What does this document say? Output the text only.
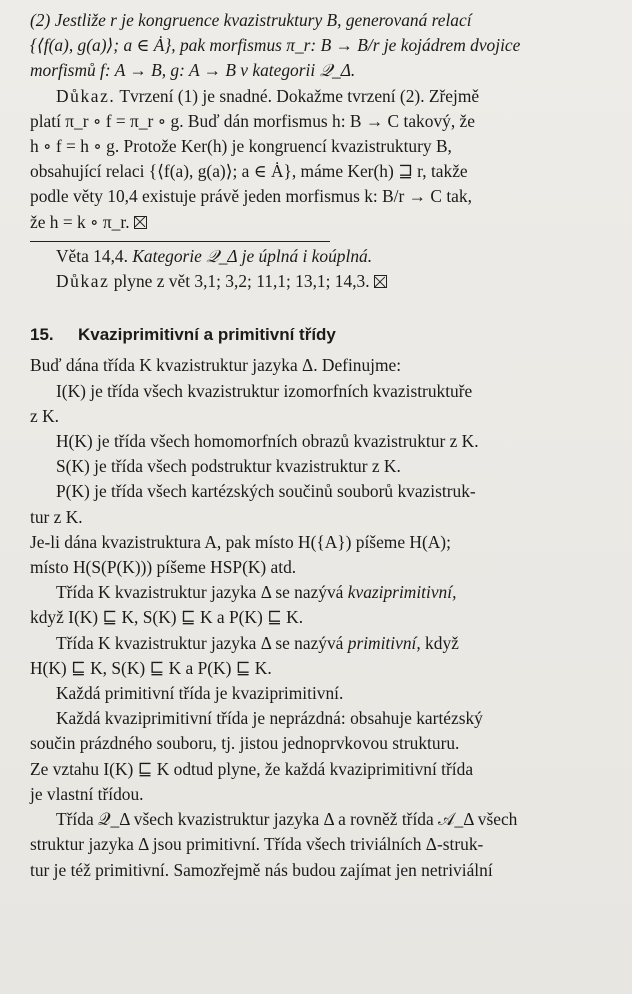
(2) Jestliže r je kongruence kvazistruktury B, generovaná relací

{⟨f(a), g(a)⟩; a ∈ Ȧ}, pak morfismus π_r: B → B/r je kojádrem dvojice

morfismů f: A → B, g: A → B v kategorii 𝒬_Δ.

Důkaz. Tvrzení (1) je snadné. Dokažme tvrzení (2). Zřejmě

platí π_r ∘ f = π_r ∘ g. Buď dán morfismus h: B → C takový, že

h ∘ f = h ∘ g. Protože Ker(h) je kongruencí kvazistruktury B,

obsahující relaci {⟨f(a), g(a)⟩; a ∈ Ȧ}, máme Ker(h) ⊒ r, takže

podle věty 10,4 existuje právě jeden morfismus k: B/r → C tak,

že h = k ∘ π_r.

Věta 14,4. Kategorie 𝒬_Δ je úplná i koúplná.

Důkaz plyne z vět 3,1; 3,2; 11,1; 13,1; 14,3.

15. Kvaziprimitivní a primitivní třídy

Buď dána třída K kvazistruktur jazyka Δ. Definujme:

I(K) je třída všech kvazistruktur izomorfních kvazistruktuře

z K.

H(K) je třída všech homomorfních obrazů kvazistruktur z K.

S(K) je třída všech podstruktur kvazistruktur z K.

P(K) je třída všech kartézských součinů souborů kvazistruk-

tur z K.

Je-li dána kvazistruktura A, pak místo H({A}) píšeme H(A);

místo H(S(P(K))) píšeme HSP(K) atd.

Třída K kvazistruktur jazyka Δ se nazývá kvaziprimitivní,

když I(K) ⊑ K, S(K) ⊑ K a P(K) ⊑ K.

Třída K kvazistruktur jazyka Δ se nazývá primitivní, když

H(K) ⊑ K, S(K) ⊑ K a P(K) ⊑ K.

Každá primitivní třída je kvaziprimitivní.

Každá kvaziprimitivní třída je neprázdná: obsahuje kartézský

součin prázdného souboru, tj. jistou jednoprvkovou strukturu.

Ze vztahu I(K) ⊑ K odtud plyne, že každá kvaziprimitivní třída

je vlastní třídou.

Třída 𝒬_Δ všech kvazistruktur jazyka Δ a rovněž třída 𝒜_Δ všech

struktur jazyka Δ jsou primitivní. Třída všech triviálních Δ-struk-

tur je též primitivní. Samozřejmě nás budou zajímat jen netriviální
